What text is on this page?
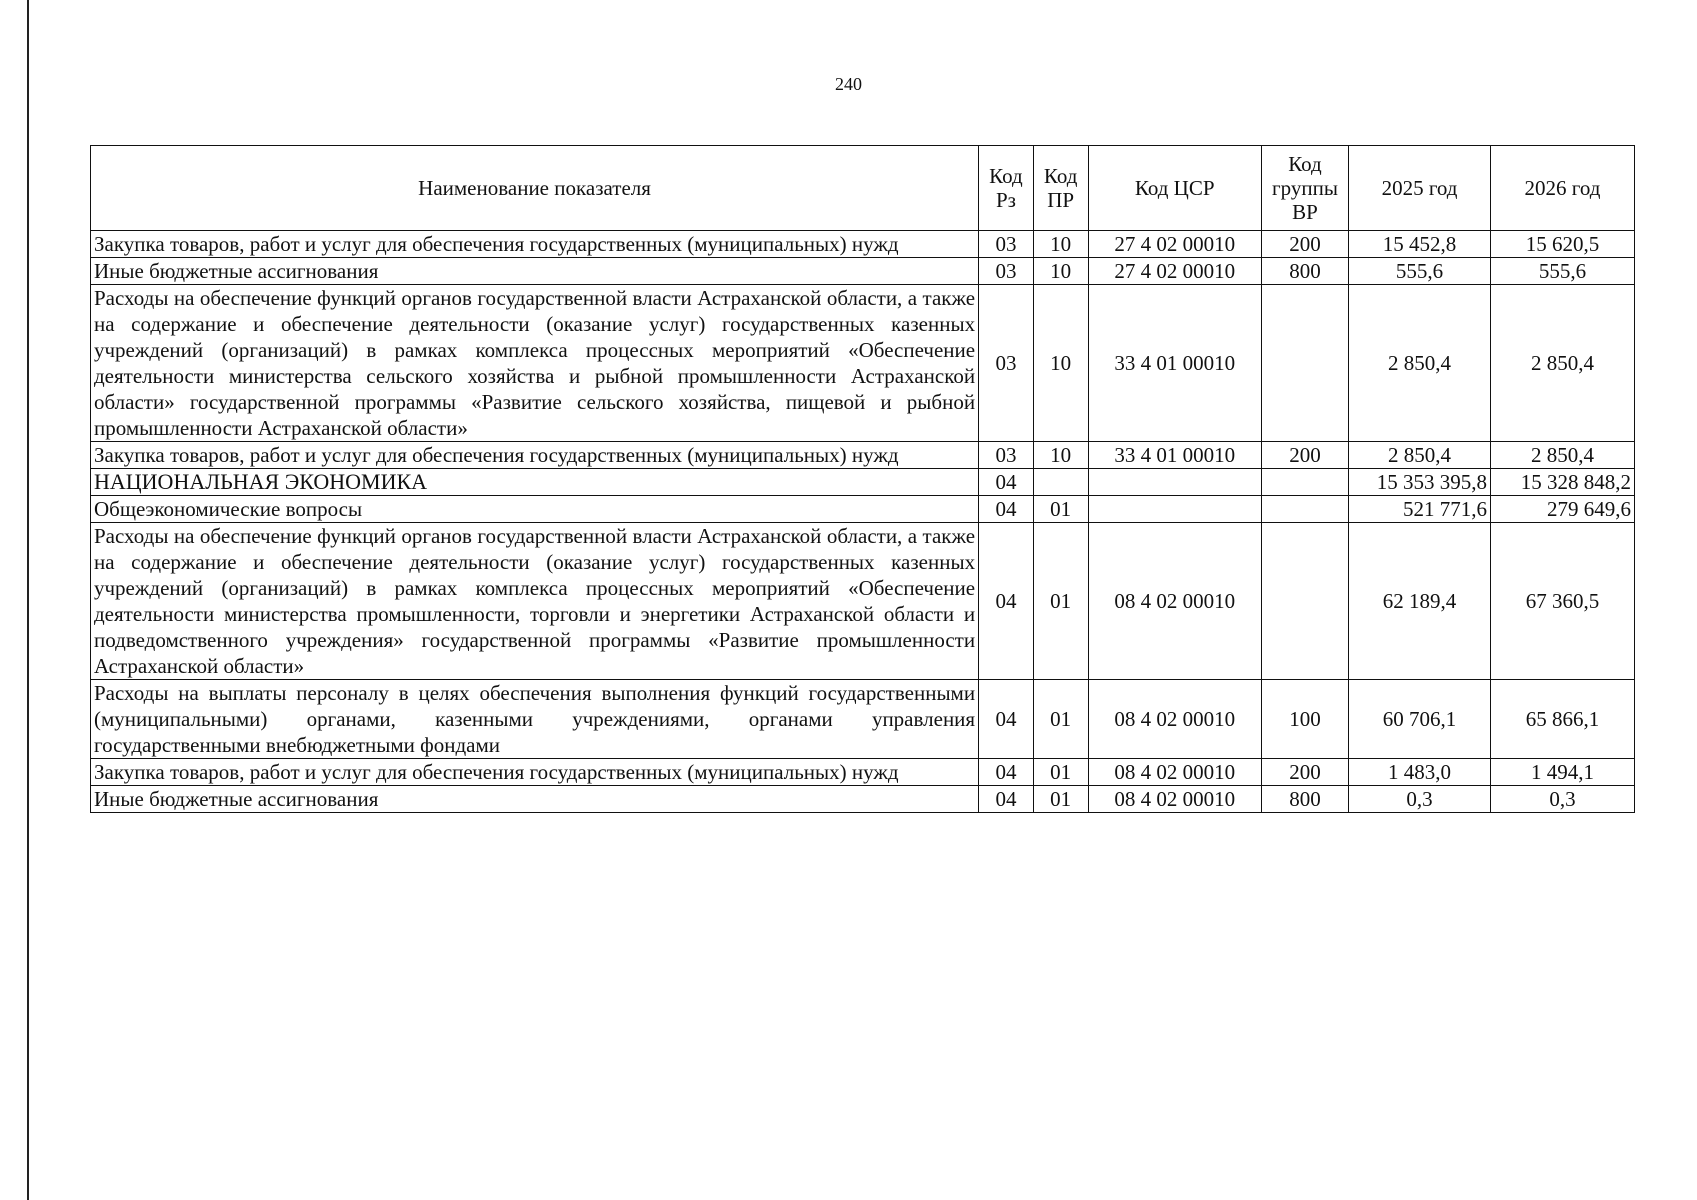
240
Наименование показателя	Код Рз	Код ПР	Код ЦСР	Код группы ВР	2025 год	2026 год
Закупка товаров, работ и услуг для обеспечения государственных (муниципальных) нужд	03	10	27 4 02 00010	200	15 452,8	15 620,5
Иные бюджетные ассигнования	03	10	27 4 02 00010	800	555,6	555,6
Расходы на обеспечение функций органов государственной власти Астраханской области, а также на содержание и обеспечение деятельности (оказание услуг) государственных казенных учреждений (организаций) в рамках комплекса процессных мероприятий «Обеспечение деятельности министерства сельского хозяйства и рыбной промышленности Астраханской области» государственной программы «Развитие сельского хозяйства, пищевой и рыбной промышленности Астраханской области»	03	10	33 4 01 00010		2 850,4	2 850,4
Закупка товаров, работ и услуг для обеспечения государственных (муниципальных) нужд	03	10	33 4 01 00010	200	2 850,4	2 850,4
НАЦИОНАЛЬНАЯ ЭКОНОМИКА	04				15 353 395,8	15 328 848,2
Общеэкономические вопросы	04	01			521 771,6	279 649,6
Расходы на обеспечение функций органов государственной власти Астраханской области, а также на содержание и обеспечение деятельности (оказание услуг) государственных казенных учреждений (организаций) в рамках комплекса процессных мероприятий «Обеспечение деятельности министерства промышленности, торговли и энергетики Астраханской области и подведомственного учреждения» государственной программы «Развитие промышленности Астраханской области»	04	01	08 4 02 00010		62 189,4	67 360,5
Расходы на выплаты персоналу в целях обеспечения выполнения функций государственными (муниципальными) органами, казенными учреждениями, органами управления государственными внебюджетными фондами	04	01	08 4 02 00010	100	60 706,1	65 866,1
Закупка товаров, работ и услуг для обеспечения государственных (муниципальных) нужд	04	01	08 4 02 00010	200	1 483,0	1 494,1
Иные бюджетные ассигнования	04	01	08 4 02 00010	800	0,3	0,3
